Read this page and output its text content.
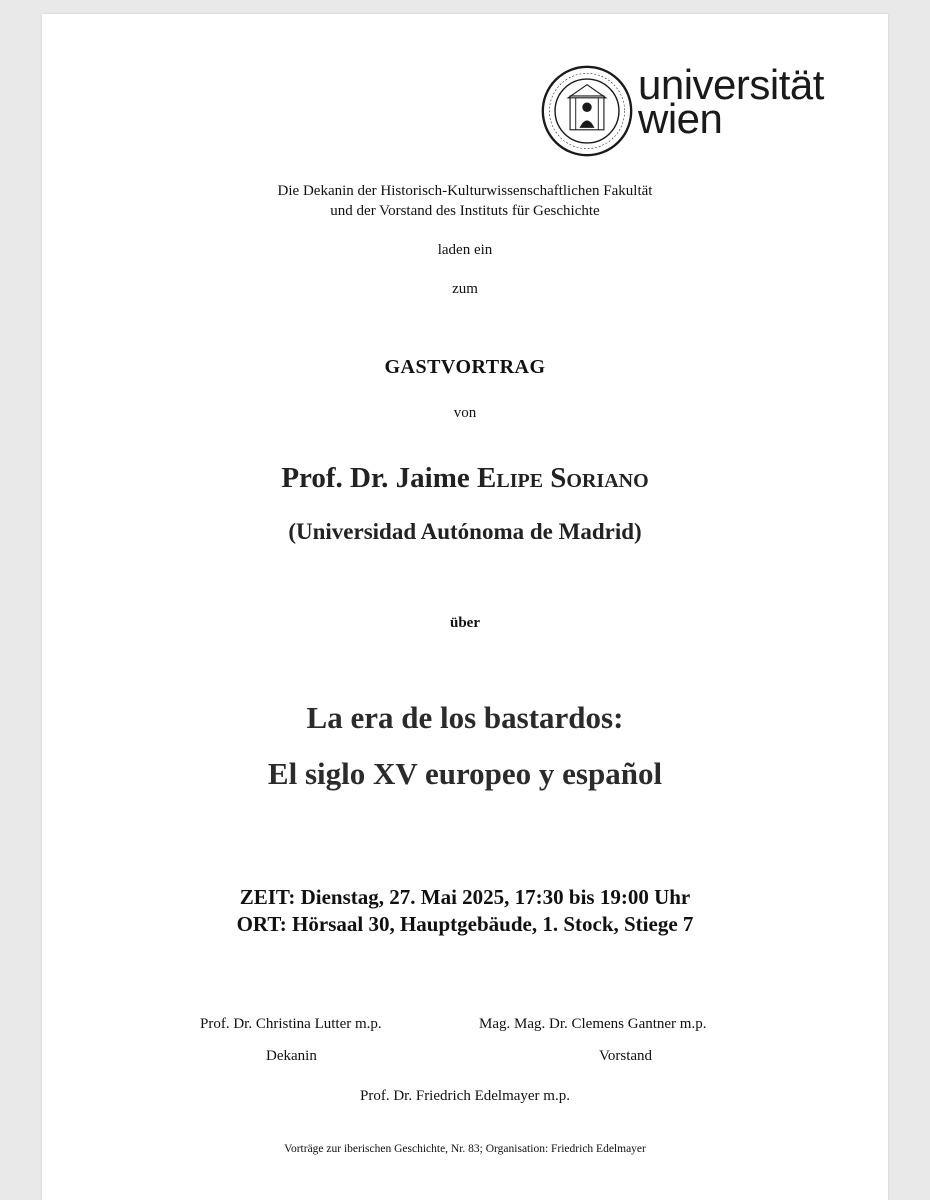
universität
wien
Die Dekanin der Historisch-Kulturwissenschaftlichen Fakultät
und der Vorstand des Instituts für Geschichte
laden ein
zum
GASTVORTRAG
von
Prof. Dr. Jaime Elipe Soriano
(Universidad Autónoma de Madrid)
über
La era de los bastardos:
El siglo XV europeo y español
ZEIT: Dienstag, 27. Mai 2025, 17:30 bis 19:00 Uhr
ORT: Hörsaal 30, Hauptgebäude, 1. Stock, Stiege 7
Prof. Dr. Christina Lutter m.p.
Dekanin
Mag. Mag. Dr. Clemens Gantner m.p.
Vorstand
Prof. Dr. Friedrich Edelmayer m.p.
Vorträge zur iberischen Geschichte, Nr. 83; Organisation: Friedrich Edelmayer
